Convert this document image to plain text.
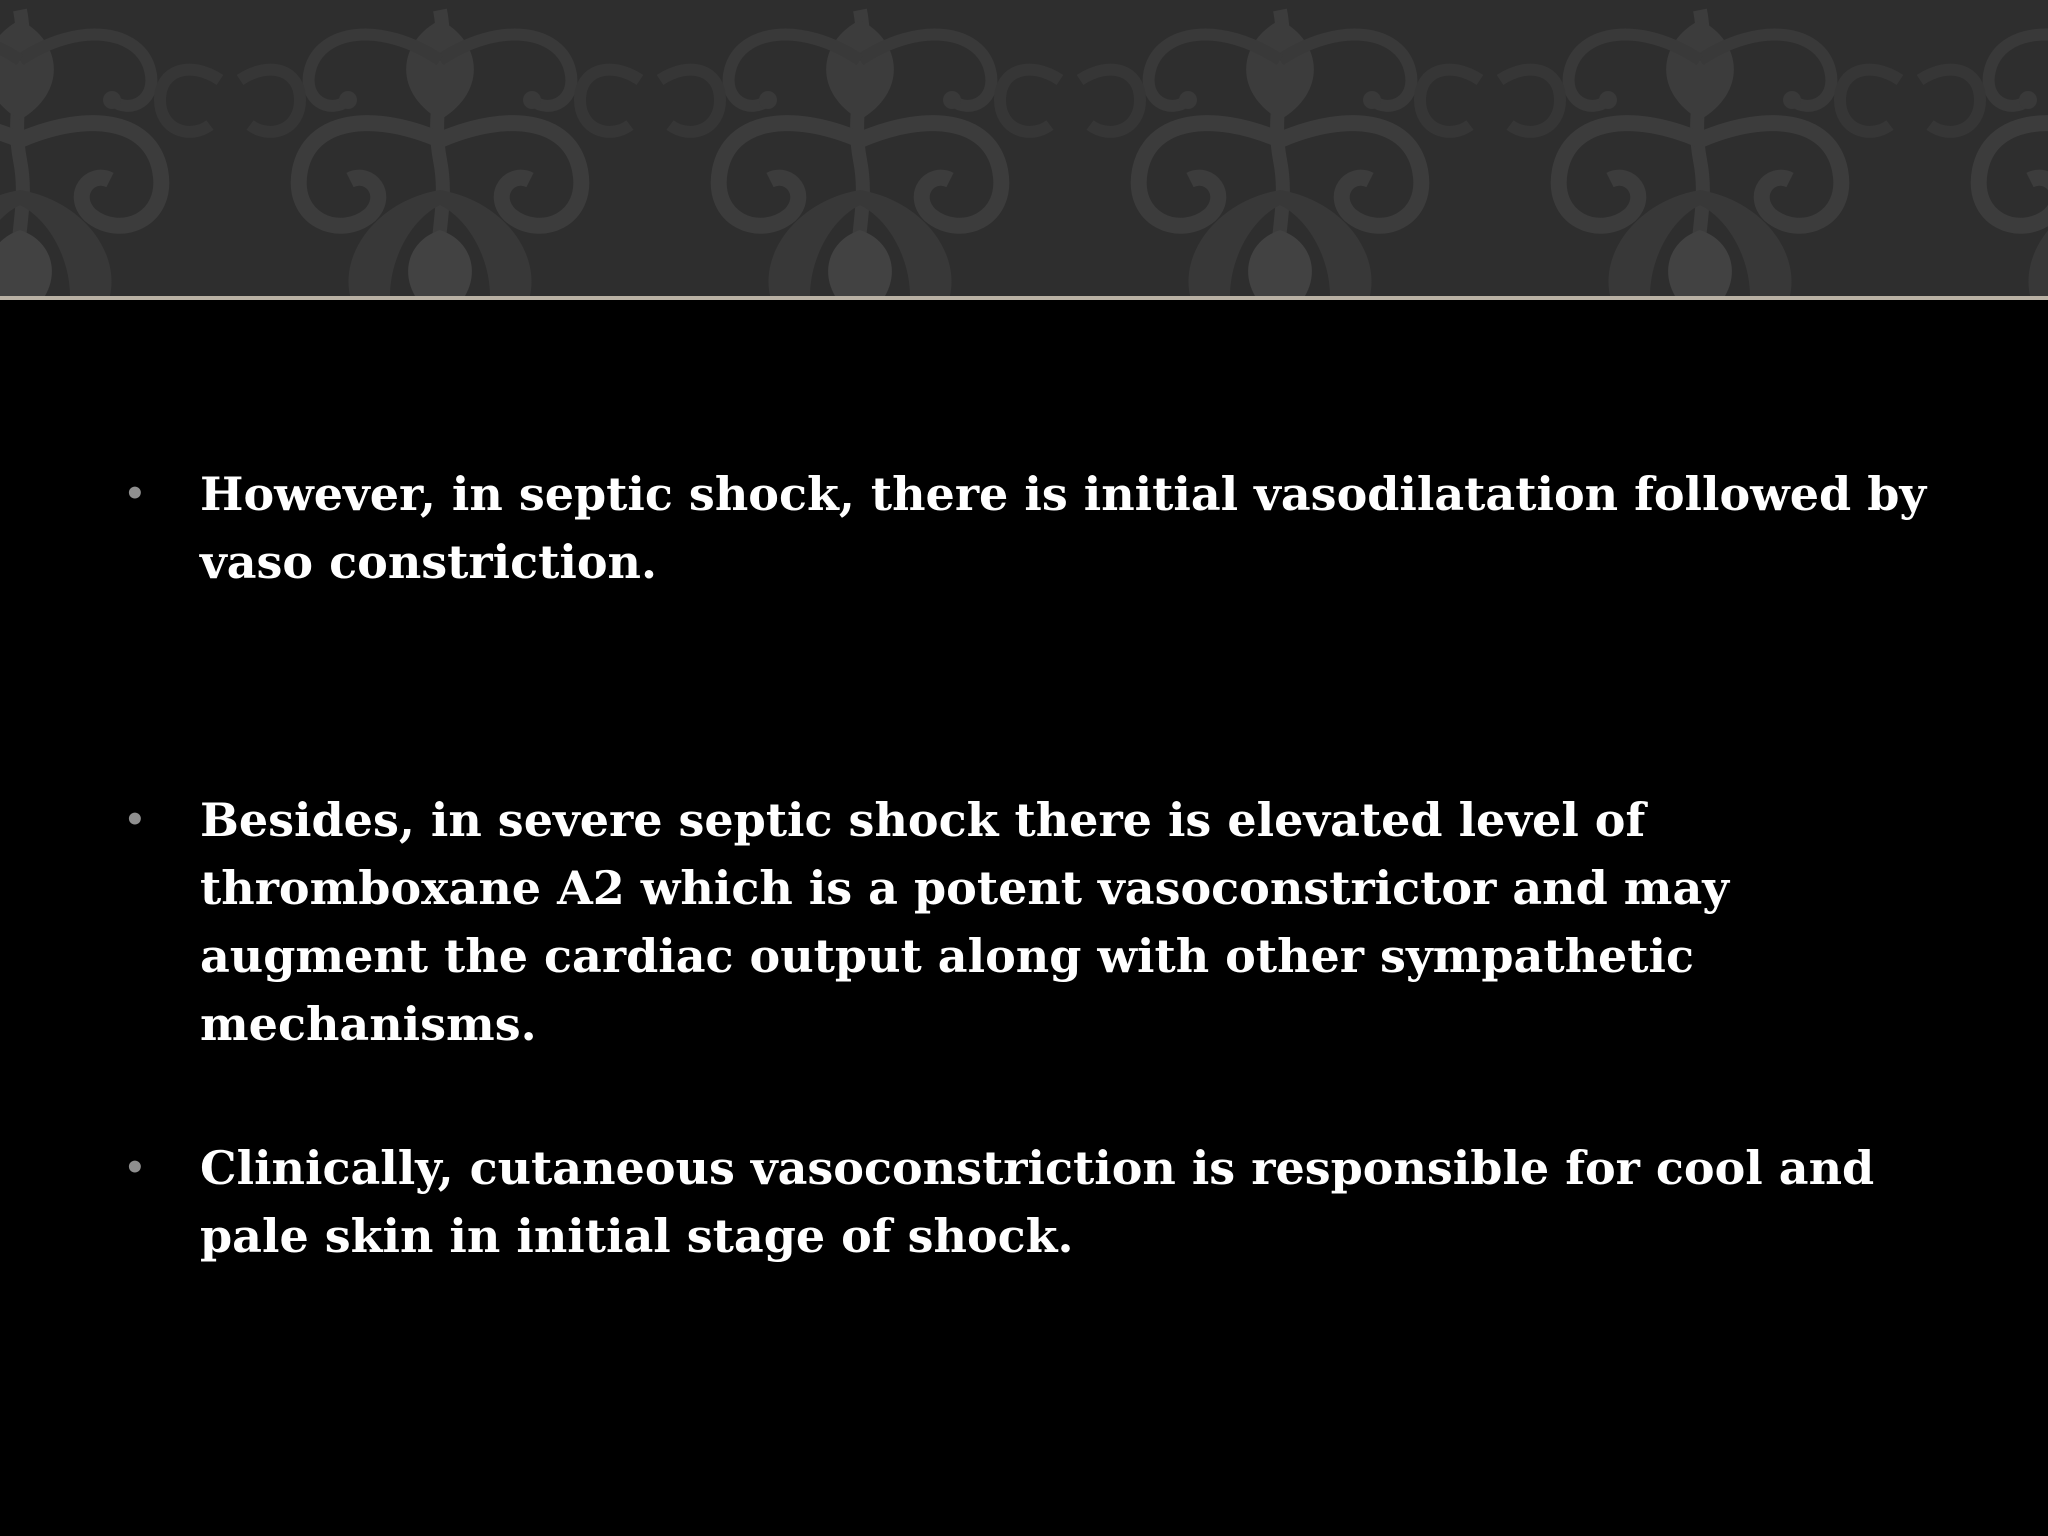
• However, in septic shock, there is initial vasodilatation followed by vaso constriction.
• Besides, in severe septic shock there is elevated level of thromboxane A2 which is a potent vasoconstrictor and may augment the cardiac output along with other sympathetic mechanisms.
• Clinically, cutaneous vasoconstriction is responsible for cool and pale skin in initial stage of shock.
